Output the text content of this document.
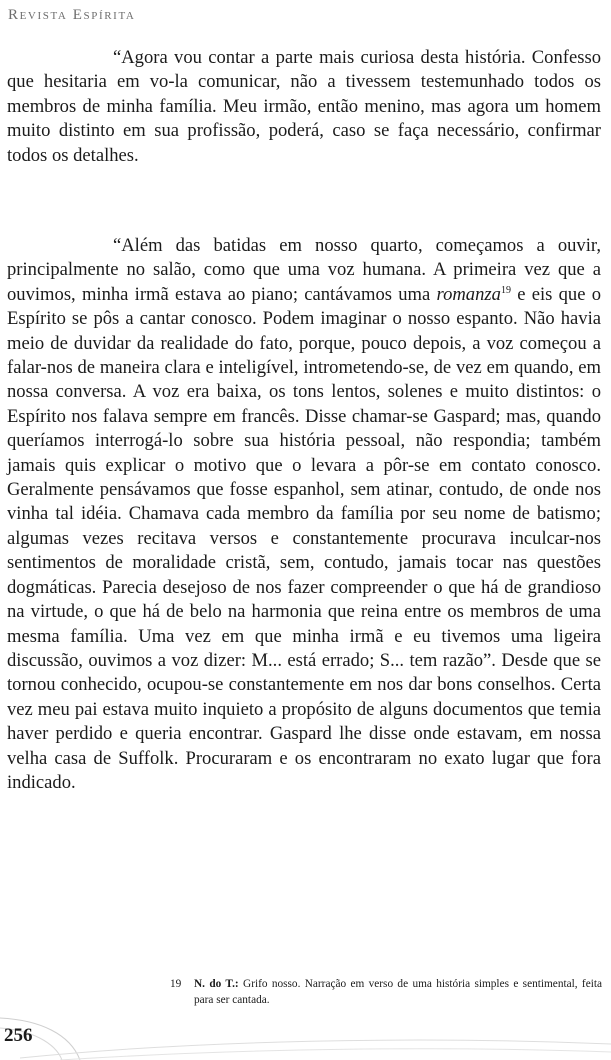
Revista Espírita

“Agora vou contar a parte mais curiosa desta história. Confesso que hesitaria em vo-la comunicar, não a tivessem testemunhado todos os membros de minha família. Meu irmão, então menino, mas agora um homem muito distinto em sua profissão, poderá, caso se faça necessário, confirmar todos os detalhes.

“Além das batidas em nosso quarto, começamos a ouvir, principalmente no salão, como que uma voz humana. A primeira vez que a ouvimos, minha irmã estava ao piano; cantávamos uma romanza$^{19}$ e eis que o Espírito se pôs a cantar conosco. Podem imaginar o nosso espanto. Não havia meio de duvidar da realidade do fato, porque, pouco depois, a voz começou a falar-nos de maneira clara e inteligível, intrometendo-se, de vez em quando, em nossa conversa. A voz era baixa, os tons lentos, solenes e muito distintos: o Espírito nos falava sempre em francês. Disse chamar-se Gaspard; mas, quando queríamos interrogá-lo sobre sua história pessoal, não respondia; também jamais quis explicar o motivo que o levara a pôr-se em contato conosco. Geralmente pensávamos que fosse espanhol, sem atinar, contudo, de onde nos vinha tal idéia. Chamava cada membro da família por seu nome de batismo; algumas vezes recitava versos e constantemente procurava inculcar-nos sentimentos de moralidade cristã, sem, contudo, jamais tocar nas questões dogmáticas. Parecia desejoso de nos fazer compreender o que há de grandioso na virtude, o que há de belo na harmonia que reina entre os membros de uma mesma família. Uma vez em que minha irmã e eu tivemos uma ligeira discussão, ouvimos a voz dizer: M... está errado; S... tem razão”. Desde que se tornou conhecido, ocupou-se constantemente em nos dar bons conselhos. Certa vez meu pai estava muito inquieto a propósito de alguns documentos que temia haver perdido e queria encontrar. Gaspard lhe disse onde estavam, em nossa velha casa de Suffolk. Procuraram e os encontraram no exato lugar que fora indicado.

19	N. do T.: Grifo nosso. Narração em verso de uma história simples e sentimental, feita para ser cantada.
256
